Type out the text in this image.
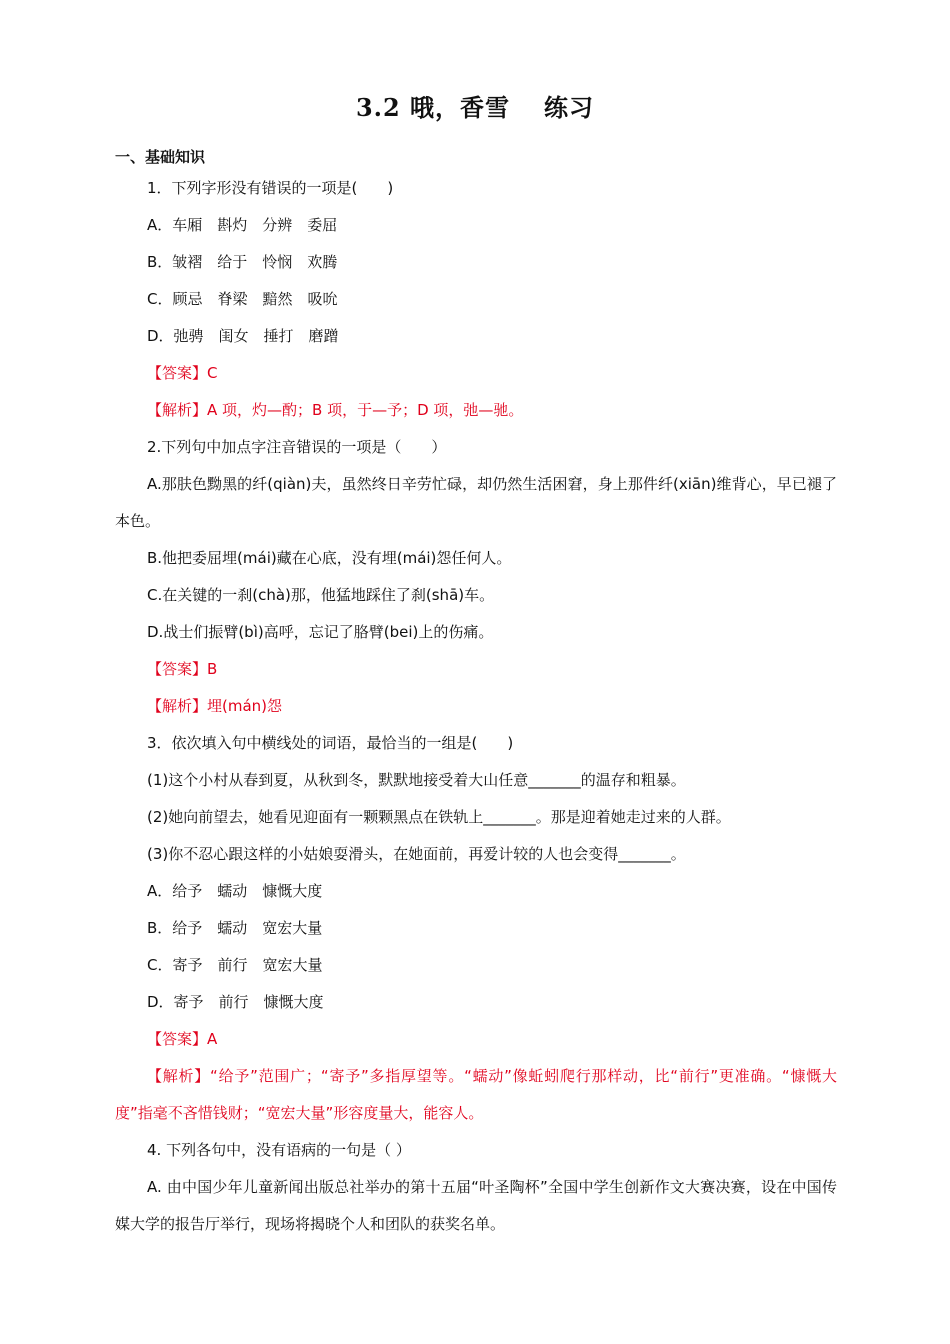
3.2 哦，香雪 练习
一、基础知识
1．下列字形没有错误的一项是(　　)
A．车厢　斟灼　分辨　委屈
B．皱褶　给于　怜悯　欢腾
C．顾忌　脊梁　黯然　吸吮
D．弛骋　闺女　捶打　磨蹭
【答案】C
【解析】A 项，灼—酌；B 项，于—予；D 项，弛—驰。
2.下列句中加点字注音错误的一项是（　　）
A.那肤色黝黑的纤(qiàn)夫，虽然终日辛劳忙碌，却仍然生活困窘，身上那件纤(xiān)维背心，早已褪了本色。
B.他把委屈埋(mái)藏在心底，没有埋(mái)怨任何人。
C.在关键的一刹(chà)那，他猛地踩住了刹(shā)车。
D.战士们振臂(bì)高呼，忘记了胳臂(bei)上的伤痛。
【答案】B
【解析】埋(mán)怨
3．依次填入句中横线处的词语，最恰当的一组是(　　)
(1)这个小村从春到夏，从秋到冬，默默地接受着大山任意_______的温存和粗暴。
(2)她向前望去，她看见迎面有一颗颗黑点在铁轨上_______。那是迎着她走过来的人群。
(3)你不忍心跟这样的小姑娘耍滑头，在她面前，再爱计较的人也会变得_______。
A．给予　蠕动　慷慨大度
B．给予　蠕动　宽宏大量
C．寄予　前行　宽宏大量
D．寄予　前行　慷慨大度
【答案】A
【解析】“给予”范围广；“寄予”多指厚望等。“蠕动”像蚯蚓爬行那样动，比“前行”更准确。“慷慨大度”指毫不吝惜钱财；“宽宏大量”形容度量大，能容人。
4. 下列各句中，没有语病的一句是（ ）
A. 由中国少年儿童新闻出版总社举办的第十五届“叶圣陶杯”全国中学生创新作文大赛决赛，设在中国传媒大学的报告厅举行，现场将揭晓个人和团队的获奖名单。
